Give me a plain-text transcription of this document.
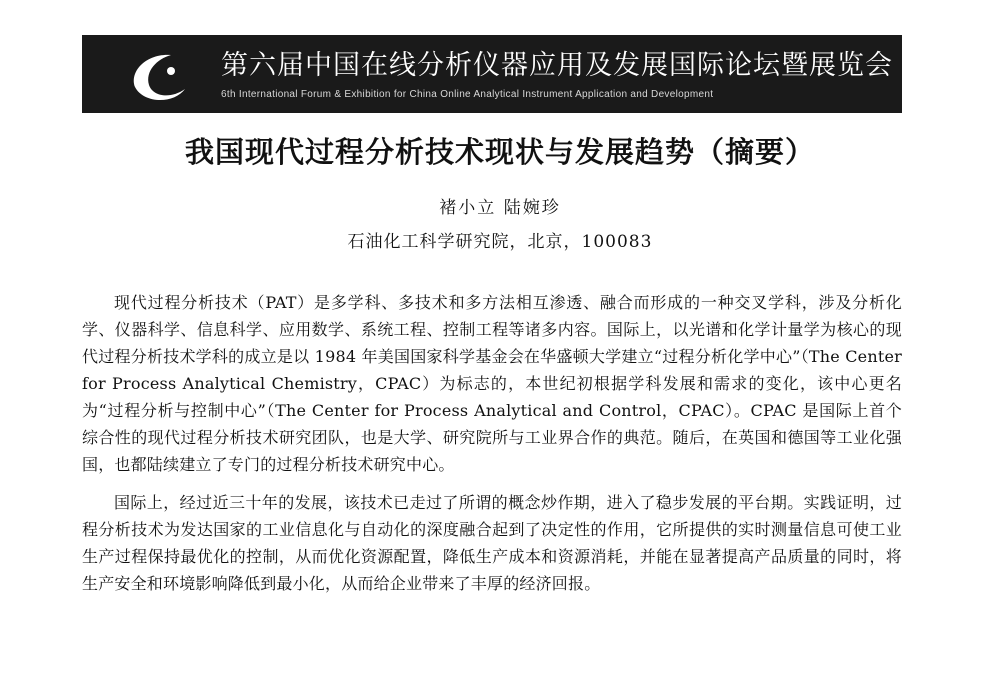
第六届中国在线分析仪器应用及发展国际论坛暨展览会
6th International Forum & Exhibition for China Online Analytical Instrument Application and Development
我国现代过程分析技术现状与发展趋势（摘要）
褚小立 陆婉珍
石油化工科学研究院，北京，100083

现代过程分析技术（PAT）是多学科、多技术和多方法相互渗透、融合而形成的一种交叉学科，涉及分析化学、仪器科学、信息科学、应用数学、系统工程、控制工程等诸多内容。国际上，以光谱和化学计量学为核心的现代过程分析技术学科的成立是以 1984 年美国国家科学基金会在华盛顿大学建立“过程分析化学中心”（The Center for Process Analytical Chemistry，CPAC）为标志的，本世纪初根据学科发展和需求的变化，该中心更名为“过程分析与控制中心”（The Center for Process Analytical and Control，CPAC）。CPAC 是国际上首个综合性的现代过程分析技术研究团队，也是大学、研究院所与工业界合作的典范。随后，在英国和德国等工业化强国，也都陆续建立了专门的过程分析技术研究中心。

国际上，经过近三十年的发展，该技术已走过了所谓的概念炒作期，进入了稳步发展的平台期。实践证明，过程分析技术为发达国家的工业信息化与自动化的深度融合起到了决定性的作用，它所提供的实时测量信息可使工业生产过程保持最优化的控制，从而优化资源配置，降低生产成本和资源消耗，并能在显著提高产品质量的同时，将生产安全和环境影响降低到最小化，从而给企业带来了丰厚的经济回报。
